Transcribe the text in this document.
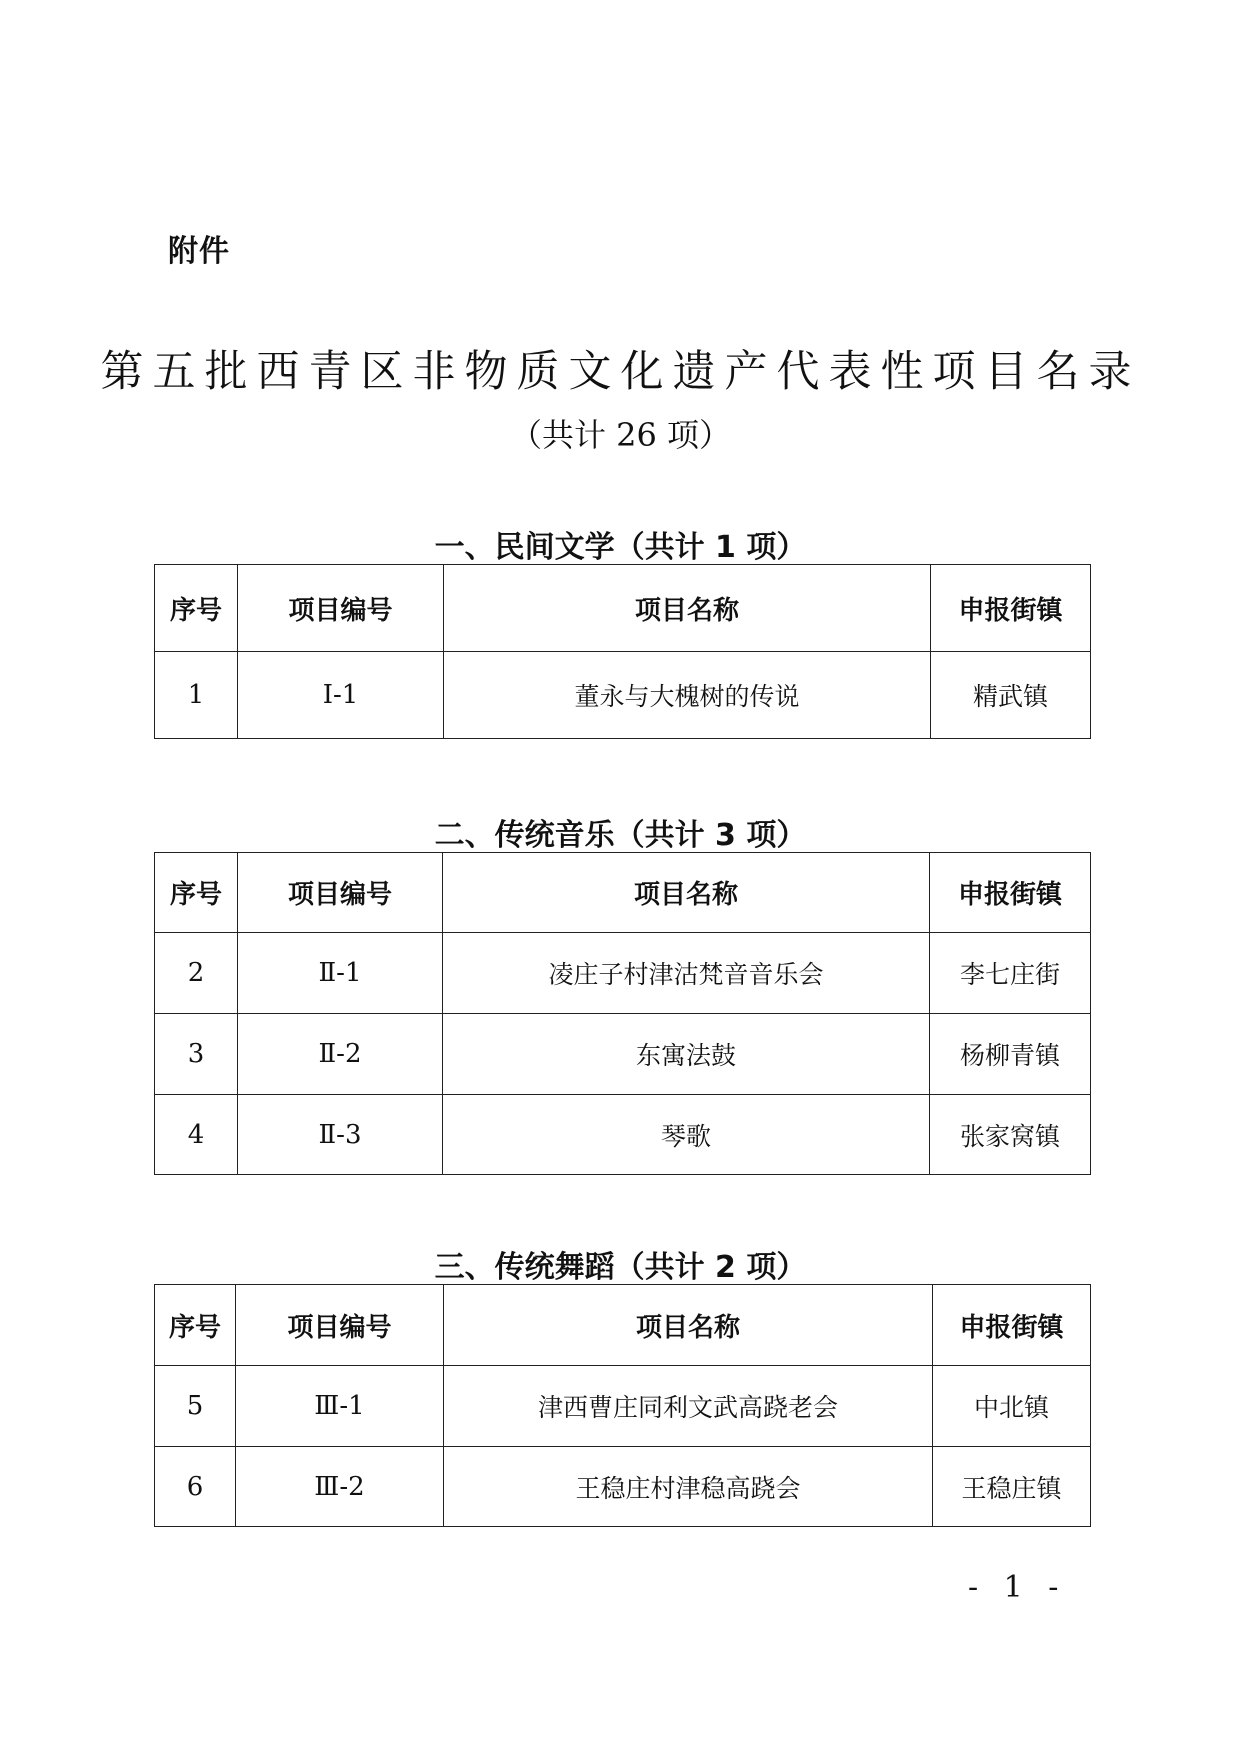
附件
第五批西青区非物质文化遗产代表性项目名录
（共计 26 项）
一、民间文学（共计 1 项）
序号	项目编号	项目名称	申报街镇
1	Ⅰ-1	董永与大槐树的传说	精武镇
二、传统音乐（共计 3 项）
序号	项目编号	项目名称	申报街镇
2	Ⅱ-1	凌庄子村津沽梵音音乐会	李七庄街
3	Ⅱ-2	东寓法鼓	杨柳青镇
4	Ⅱ-3	琴歌	张家窝镇
三、传统舞蹈（共计 2 项）
序号	项目编号	项目名称	申报街镇
5	Ⅲ-1	津西曹庄同利文武高跷老会	中北镇
6	Ⅲ-2	王稳庄村津稳高跷会	王稳庄镇
- 1 -
